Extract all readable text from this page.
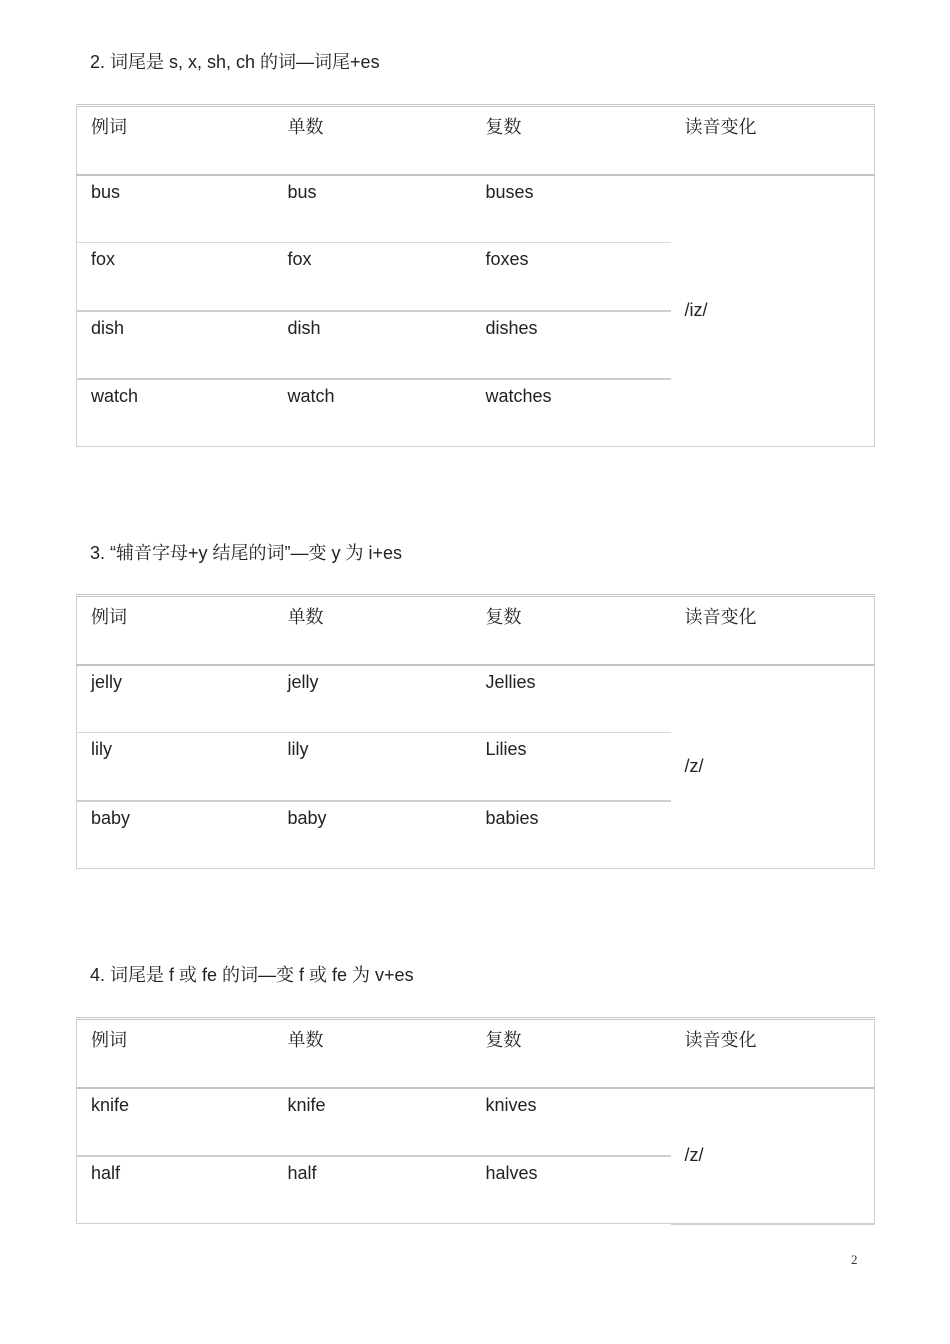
2. 词尾是 s, x, sh, ch 的词—词尾+es
例词	单数	复数	读音变化
bus	bus	buses	/iz/
fox	fox	foxes	
dish	dish	dishes	
watch	watch	watches	
3. “辅音字母+y 结尾的词”—变 y 为 i+es
例词	单数	复数	读音变化
jelly	jelly	Jellies	/z/
lily	lily	Lilies	
baby	baby	babies	
4. 词尾是 f 或 fe 的词—变 f 或 fe 为 v+es
例词	单数	复数	读音变化
knife	knife	knives	/z/
half	half	halves	
2
